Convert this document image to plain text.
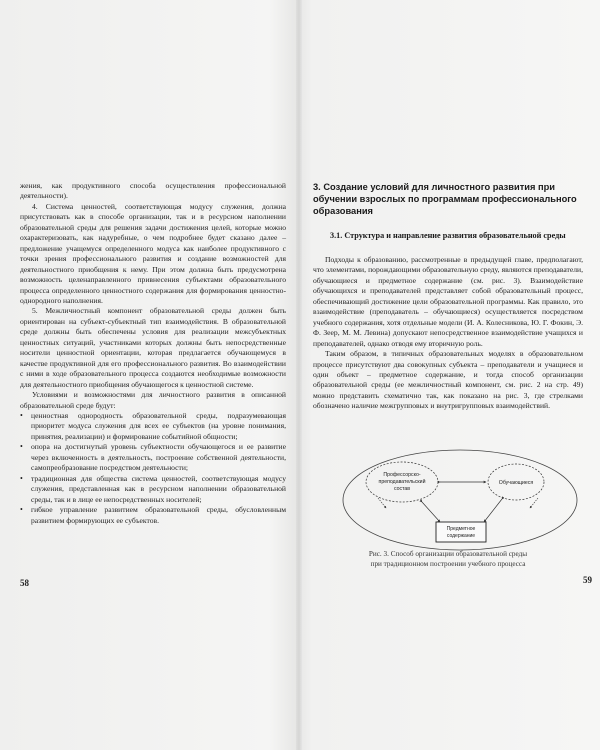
жения, как продуктивного способа осуществления профессиональной деятельности).

4. Система ценностей, соответствующая модусу служения, должна присутствовать как в способе организации, так и в ресурсном наполнении образовательной среды для решения задачи достижения целей, которые можно охарактеризовать, как надуребные, о чем подробнее будет сказано далее – предложение учащемуся определенного модуса как наиболее продуктивного с точки зрения профессионального развития и создание возможностей для деятельностного приобщения к нему. При этом должна быть предусмотрена возможность целенаправленного привнесения субъектами образовательного процесса определенного ценностного содержания для формирования ценностно-однородного наполнения.

5. Межличностный компонент образовательной среды должен быть ориентирован на субъект-субъектный тип взаимодействия. В образовательной среде должны быть обеспечены условия для реализации межсубъектных ценностных ситуаций, участниками которых должны быть непосредственные носители ценностной ориентации, которая предлагается обучающемуся в качестве продуктивной для его профессионального развития. Во взаимодействии с ними в ходе образовательного процесса создаются необходимые возможности для деятельностного приобщения обучающегося к ценностной системе.

Условиями и возможностями для личностного развития в описанной образовательной среде будут:

• ценностная однородность образовательной среды, подразумевающая приоритет модуса служения для всех ее субъектов (на уровне понимания, принятия, реализации) и формирование событийной общности;
• опора на достигнутый уровень субъектности обучающегося и ее развитие через включенность в деятельность, построение собственной деятельности, самопреобразование посредством деятельности;
• традиционная для общества система ценностей, соответствующая модусу служения, представленная как в ресурсном наполнении образовательной среды, так и в лице ее непосредственных носителей;
• гибкое управление развитием образовательной среды, обусловленным развитием формирующих ее субъектов.
58
3. Создание условий для личностного развития при обучении взрослых по программам профессионального образования
3.1. Структура и направление развития образовательной среды

Подходы к образованию, рассмотренные в предыдущей главе, предполагают, что элементами, порождающими образовательную среду, являются преподаватели, обучающиеся и предметное содержание (см. рис. 3). Взаимодействие обучающихся и преподавателей представляет собой образовательный процесс, обеспечивающий достижение цели образовательной программы. Как правило, это взаимодействие (преподаватель – обучающиеся) осуществляется посредством учебного содержания, хотя отдельные модели (И. А. Колесникова, Ю. Г. Фокин, Э. Ф. Зеер, М. М. Левина) допускают непосредственное взаимодействие учащихся и преподавателей, однако отводя ему вторичную роль.

Таким образом, в типичных образовательных моделях в образовательном процессе присутствуют два совокупных субъекта – преподаватели и учащиеся и один объект – предметное содержание, и тогда способ организации образовательной среды (ее межличностный компонент, см. рис. 2 на стр. 49) можно представить схематично так, как показано на рис. 3, где стрелками обозначено наличие межгрупповых и внутригрупповых взаимодействий.

Профессорско-
преподавательский
состав
Обучающиеся
Предметное
содержание
Рис. 3. Способ организации образовательной среды
при традиционном построении учебного процесса
59
